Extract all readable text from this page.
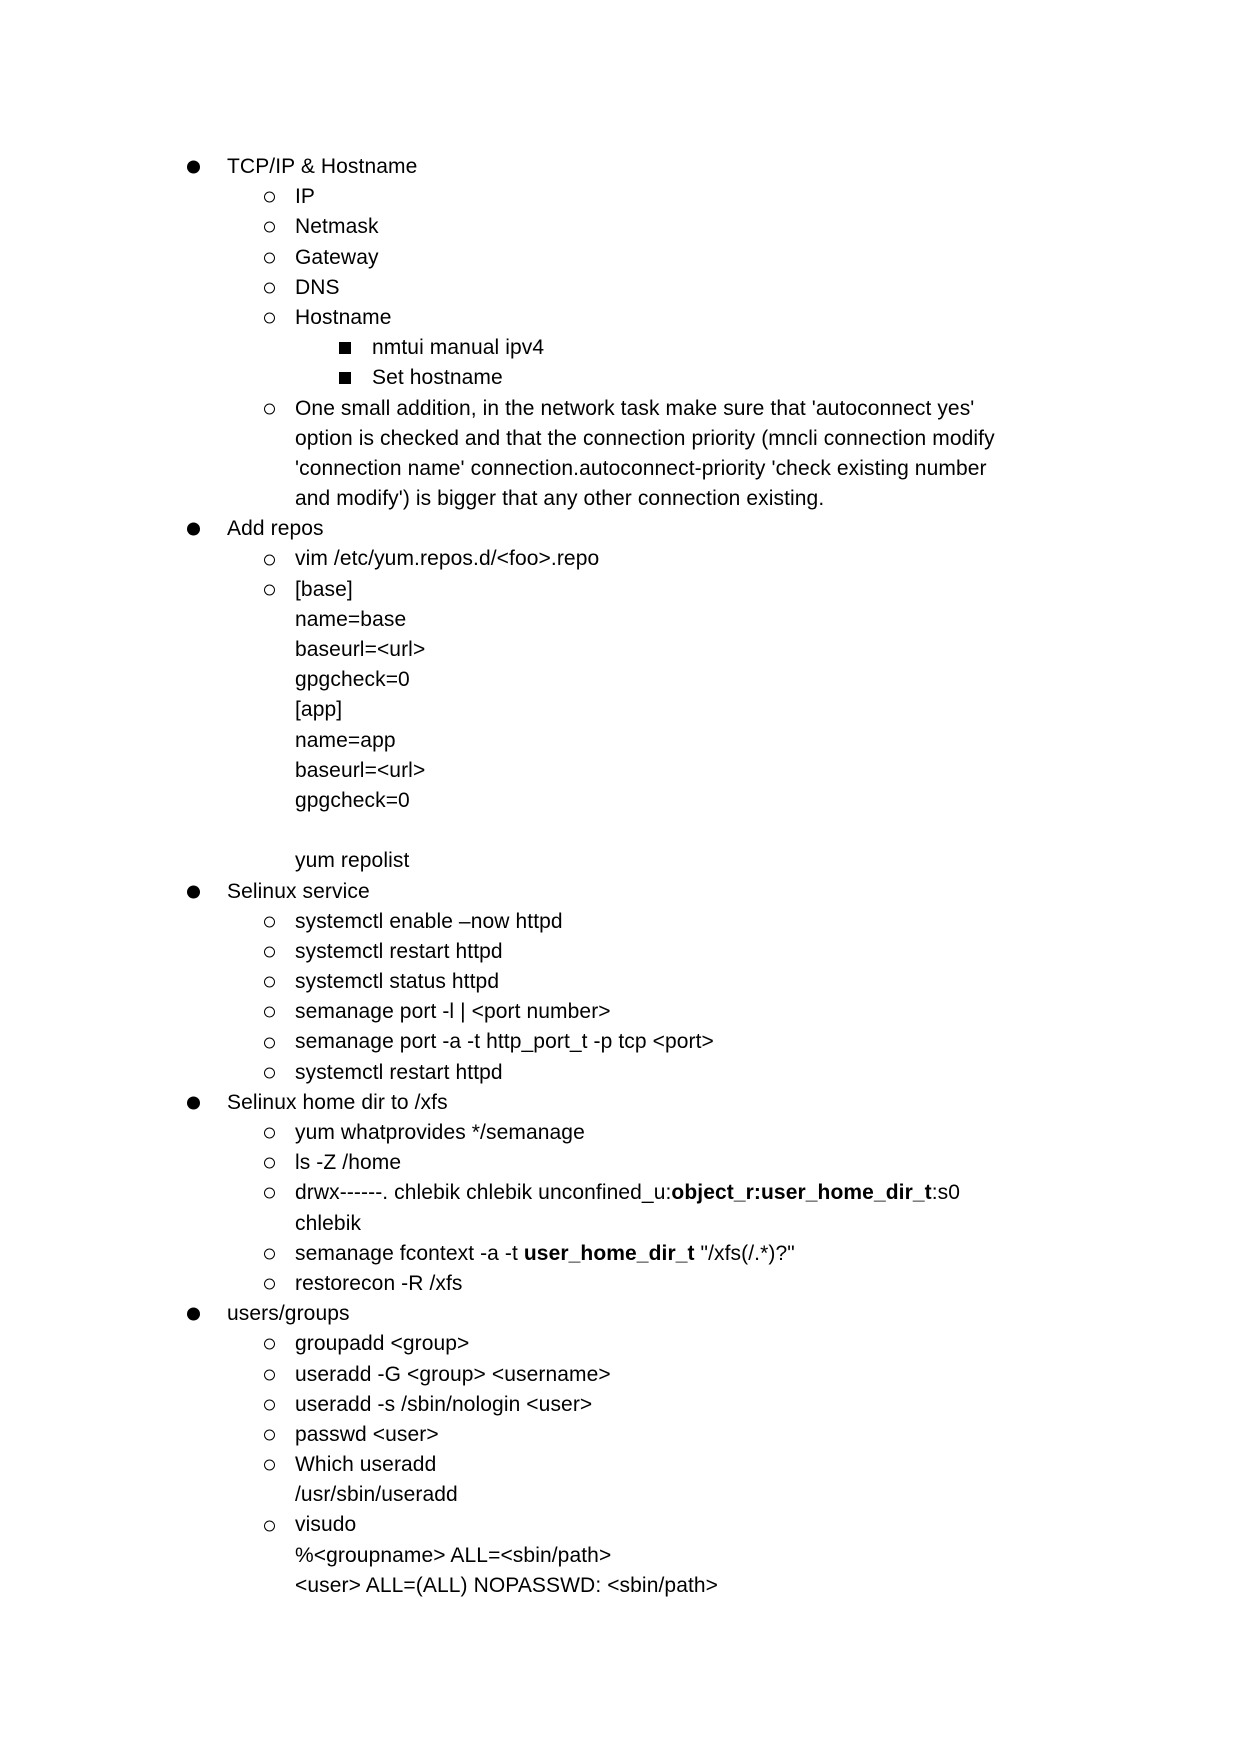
TCP/IP & Hostname
IP
Netmask
Gateway
DNS
Hostname
nmtui manual ipv4
Set hostname
One small addition, in the network task make sure that 'autoconnect yes'
option is checked and that the connection priority (mncli connection modify
'connection name' connection.autoconnect-priority 'check existing number
and modify') is bigger that any other connection existing.
Add repos
vim /etc/yum.repos.d/<foo>.repo
[base]
name=base
baseurl=<url>
gpgcheck=0
[app]
name=app
baseurl=<url>
gpgcheck=0
yum repolist
Selinux service
systemctl enable –now httpd
systemctl restart httpd
systemctl status httpd
semanage port -l | <port number>
semanage port -a -t http_port_t -p tcp <port>
systemctl restart httpd
Selinux home dir to /xfs
yum whatprovides */semanage
ls -Z /home
drwx------. chlebik chlebik unconfined_u:object_r:user_home_dir_t:s0
chlebik
semanage fcontext -a -t user_home_dir_t "/xfs(/.*)?"
restorecon -R /xfs
users/groups
groupadd <group>
useradd -G <group> <username>
useradd -s /sbin/nologin <user>
passwd <user>
Which useradd
/usr/sbin/useradd
visudo
%<groupname> ALL=<sbin/path>
<user> ALL=(ALL) NOPASSWD: <sbin/path>
